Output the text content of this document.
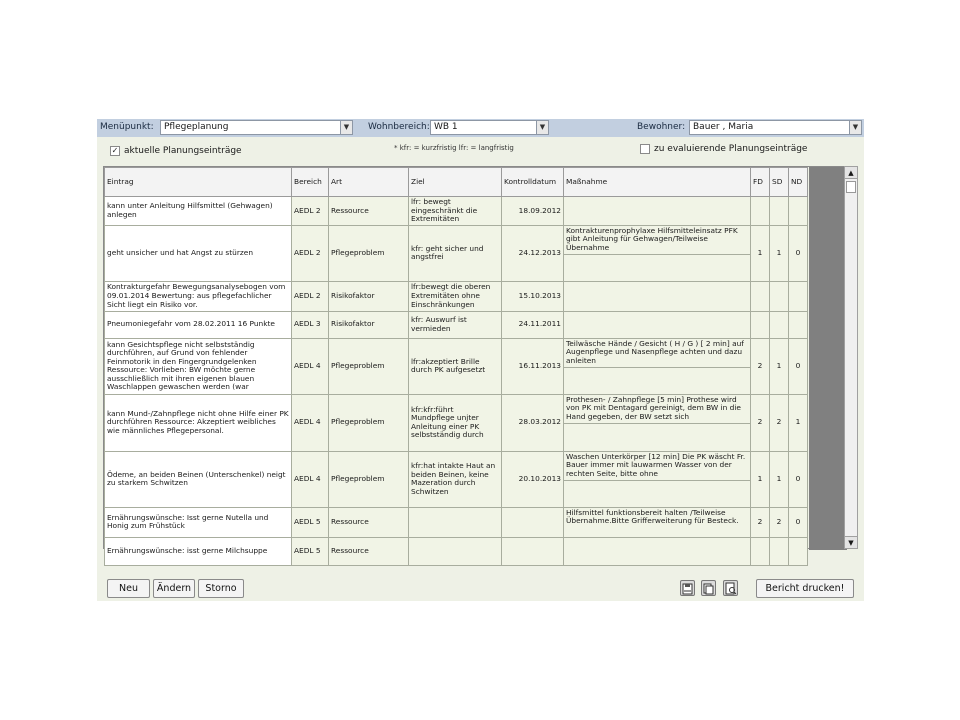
Menüpunkt:	Pflegeplanung	▼	Wohnbereich: WB 1	▼	Bewohner: Bauer , Maria	▼
✓ aktuelle Planungseinträge	* kfr: = kurzfristig lfr: = langfristig	zu evaluierende Planungseinträge
Eintrag	Bereich	Art	Ziel	Kontrolldatum	Maßnahme	FD	SD	ND
kann unter Anleitung Hilfsmittel (Gehwagen) anlegen	AEDL 2	Ressource	lfr: bewegt eingeschränkt die Extremitäten	18.09.2012	

geht unsicher und hat Angst zu stürzen	AEDL 2	Pflegeproblem	kfr: geht sicher und angstfrei	24.12.2013	Kontrakturenprophylaxe Hilfsmitteleinsatz PFK gibt Anleitung für Gehwagen/Teilweise Übernahme	1	1	0

Kontrakturgefahr Bewegungsanalysebogen vom 09.01.2014 Bewertung: aus pflegefachlicher Sicht liegt ein Risiko vor.	AEDL 2	Risikofaktor	lfr:bewegt die oberen Extremitäten ohne Einschränkungen	15.10.2013	

Pneumoniegefahr vom 28.02.2011 16 Punkte	AEDL 3	Risikofaktor	kfr: Auswurf ist vermieden	24.11.2011	

kann Gesichtspflege nicht selbstständig durchführen, auf Grund von fehlender Feinmotorik in den Fingergrundgelenken Ressource: Vorlieben: BW möchte gerne ausschließlich mit ihren eigenen blauen Waschlappen gewaschen werden (war	AEDL 4	Pflegeproblem	lfr:akzeptiert Brille durch PK aufgesetzt	16.11.2013	Teilwäsche Hände / Gesicht ( H / G ) [ 2 min] auf Augenpflege und Nasenpflege achten und dazu anleiten	2	1	0
kann Mund-/Zahnpflege nicht ohne Hilfe einer PK durchführen Ressource: Akzeptiert weibliches wie männliches Pflegepersonal.	AEDL 4	Pflegeproblem	kfr:kfr:führt Mundpflege unjter Anleitung einer PK selbstständig durch	28.03.2012	Prothesen- / Zahnpflege [5 min] Prothese wird von PK mit Dentagard gereinigt, dem BW in die Hand gegeben, der BW setzt sich	2	2	1
Ödeme, an beiden Beinen (Unterschenkel) neigt zu starkem Schwitzen	AEDL 4	Pflegeproblem	kfr:hat intakte Haut an beiden Beinen, keine Mazeration durch Schwitzen	20.10.2013	Waschen Unterkörper [12 min] Die PK wäscht Fr. Bauer immer mit lauwarmen Wasser von der rechten Seite, bitte ohne	1	1	0
Ernährungswünsche: Isst gerne Nutella und Honig zum Frühstück	AEDL 5	Ressource			Hilfsmittel funktionsbereit halten /Teilweise Übernahme.Bitte Grifferweiterung für Besteck.	2	2	0
Ernährungswünsche: isst gerne Milchsuppe	AEDL 5	Ressource			

▲
▼
Neu	Ändern	Storno	Bericht drucken!
